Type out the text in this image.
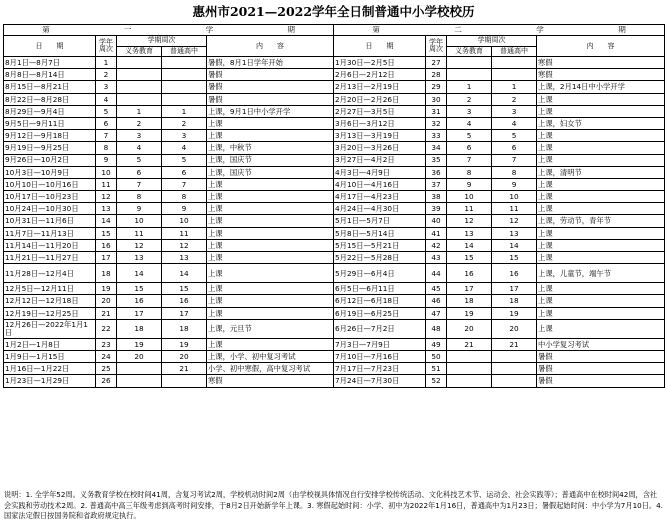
惠州市2021—2022学年全日制普通中小学校校历
第	一	学	期
		第	二	学	期

日　　期	学年周次	学期周次	内　　容	日　　期	学年周次	学期周次	内　　容
义务教育	普通高中	义务教育	普通高中
8月1日—8月7日	1			暑假，8月1日学年开始	1月30日—2月5日	27			寒假
8月8日—8月14日	2			暑假	2月6日—2月12日	28			寒假
8月15日—8月21日	3			暑假	2月13日—2月19日	29	1	1	上课，2月14日中小学开学
8月22日—8月28日	4			暑假	2月20日—2月26日	30	2	2	上课
8月29日—9月4日	5	1	1	上课，9月1日中小学开学	2月27日—3月5日	31	3	3	上课
9月5日—9月11日	6	2	2	上课	3月6日—3月12日	32	4	4	上课，妇女节
9月12日—9月18日	7	3	3	上课	3月13日—3月19日	33	5	5	上课
9月19日—9月25日	8	4	4	上课，中秋节	3月20日—3月26日	34	6	6	上课
9月26日—10月2日	9	5	5	上课，国庆节	3月27日—4月2日	35	7	7	上课
10月3日—10月9日	10	6	6	上课，国庆节	4月3日—4月9日	36	8	8	上课，清明节
10月10日—10月16日	11	7	7	上课	4月10日—4月16日	37	9	9	上课
10月17日—10月23日	12	8	8	上课	4月17日—4月23日	38	10	10	上课
10月24日—10月30日	13	9	9	上课	4月24日—4月30日	39	11	11	上课
10月31日—11月6日	14	10	10	上课	5月1日—5月7日	40	12	12	上课，劳动节，青年节
11月7日—11月13日	15	11	11	上课	5月8日—5月14日	41	13	13	上课
11月14日—11月20日	16	12	12	上课	5月15日—5月21日	42	14	14	上课
11月21日—11月27日	17	13	13	上课	5月22日—5月28日	43	15	15	上课
11月28日—12月4日	18	14	14	上课	5月29日—6月4日	44	16	16	上课，儿童节，端午节
12月5日—12月11日	19	15	15	上课	6月5日—6月11日	45	17	17	上课
12月12日—12月18日	20	16	16	上课	6月12日—6月18日	46	18	18	上课
12月19日—12月25日	21	17	17	上课	6月19日—6月25日	47	19	19	上课
12月26日—2022年1月1日	22	18	18	上课，元旦节	6月26日—7月2日	48	20	20	上课
1月2日—1月8日	23	19	19	上课	7月3日—7月9日	49	21	21	中小学复习考试
1月9日—1月15日	24	20	20	上课，小学、初中复习考试	7月10日—7月16日	50			暑假
1月16日—1月22日	25		21	小学、初中寒假，高中复习考试	7月17日—7月23日	51			暑假
1月23日—1月29日	26			寒假	7月24日—7月30日	52			暑假
说明：1. 全学年52周。义务教育学校在校时间41周，含复习考试2周，学校机动时间2周（由学校视具体情况自行安排学校传统活动、文化科技艺术节、运动会、社会实践等）；普通高中在校时间42周，含社会实践和劳动技术2周。2. 普通高中高三年级考虑到高考时间安排，于8月2日开始新学年上课。3. 寒假起始时间：小学、初中为2022年1月16日，普通高中为1月23日；暑假起始时间：中小学为7月10日。4. 国家法定假日按国务院和省政府规定执行。
